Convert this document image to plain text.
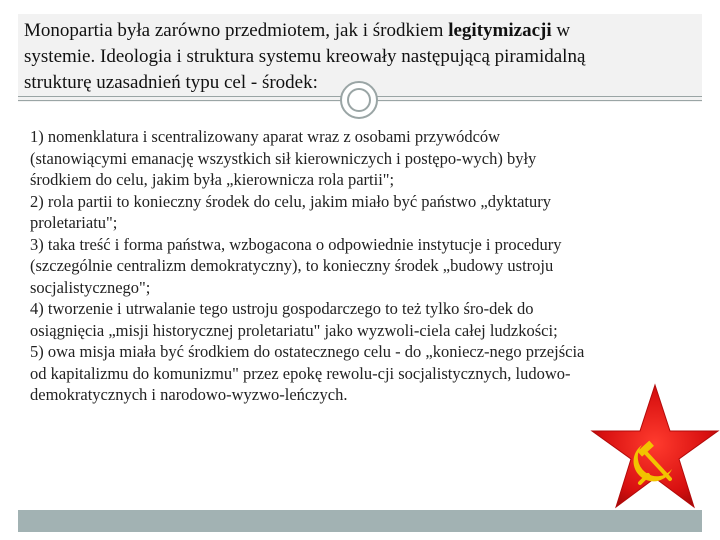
Monopartia była zarówno przedmiotem, jak i środkiem legitymizacji w
systemie. Ideologia i struktura systemu kreowały następującą piramidalną
strukturę uzasadnień typu cel - środek:

1) nomenklatura i scentralizowany aparat wraz z osobami przywódców

(stanowiącymi emanację wszystkich sił kierowniczych i postępo-wych) były

środkiem do celu, jakim była „kierownicza rola partii";

2) rola partii to konieczny środek do celu, jakim miało być państwo „dyktatury

proletariatu";

3) taka treść i forma państwa, wzbogacona o odpowiednie instytucje i procedury

(szczególnie centralizm demokratyczny), to konieczny środek „budowy ustroju

socjalistycznego";

4) tworzenie i utrwalanie tego ustroju gospodarczego to też tylko śro-dek do

osiągnięcia „misji historycznej proletariatu" jako wyzwoli-ciela całej ludzkości;

5) owa misja miała być środkiem do ostatecznego celu - do „koniecz-nego przejścia

od kapitalizmu do komunizmu" przez epokę rewolu-cji socjalistycznych, ludowo-

demokratycznych i narodowo-wyzwo-leńczych.
